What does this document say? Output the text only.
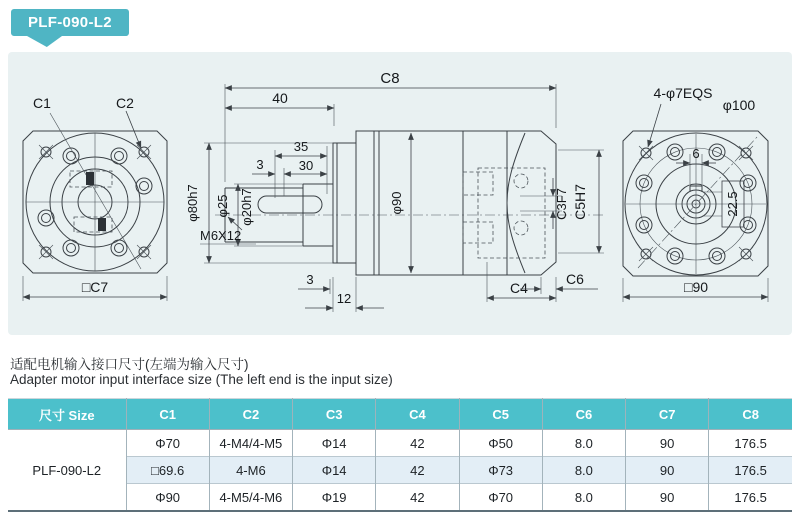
PLF-090-L2
C1	C2
□C7
C8
40
35
30
3
φ25 φ20h7
M6X12
φ80h7	φ90
3
12
C4
C6
C3F7 C5H7
6
22.5
φ100
4-φ7EQS
□90
适配电机输入接口尺寸(左端为输入尺寸)
Adapter motor input interface size (The left end is the input size)
尺寸 Size	C1	C2	C3	C4	C5	C6	C7	C8
PLF-090-L2	Φ70	4-M4/4-M5	Φ14	42	Φ50	8.0	90	176.5
	□69.6	4-M6	Φ14	42	Φ73	8.0	90	176.5
	Φ90	4-M5/4-M6	Φ19	42	Φ70	8.0	90	176.5
